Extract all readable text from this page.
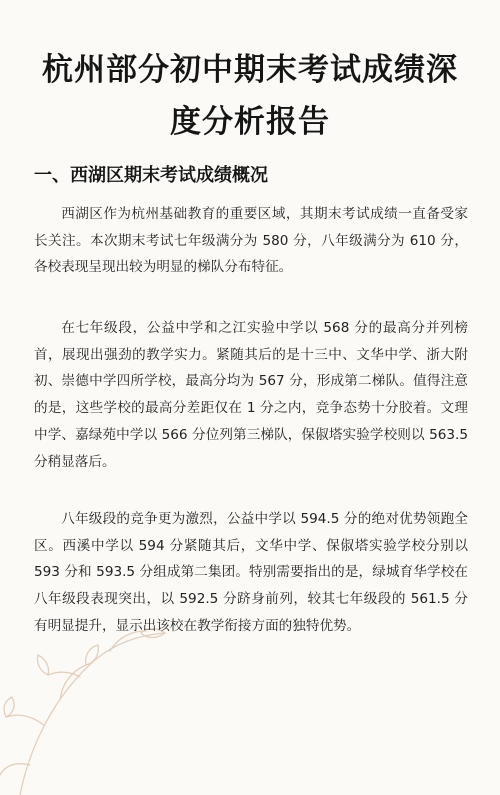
杭州部分初中期末考试成绩深度分析报告
一、西湖区期末考试成绩概况

西湖区作为杭州基础教育的重要区域，其期末考试成绩一直备受家长关注。本次期末考试七年级满分为 580 分，八年级满分为 610 分，各校表现呈现出较为明显的梯队分布特征。

在七年级段，公益中学和之江实验中学以 568 分的最高分并列榜首，展现出强劲的教学实力。紧随其后的是十三中、文华中学、浙大附初、崇德中学四所学校，最高分均为 567 分，形成第二梯队。值得注意的是，这些学校的最高分差距仅在 1 分之内，竞争态势十分胶着。文理中学、嘉绿苑中学以 566 分位列第三梯队，保俶塔实验学校则以 563.5 分稍显落后。

八年级段的竞争更为激烈，公益中学以 594.5 分的绝对优势领跑全区。西溪中学以 594 分紧随其后，文华中学、保俶塔实验学校分别以 593 分和 593.5 分组成第二集团。特别需要指出的是，绿城育华学校在八年级段表现突出，以 592.5 分跻身前列，较其七年级段的 561.5 分有明显提升，显示出该校在教学衔接方面的独特优势。
